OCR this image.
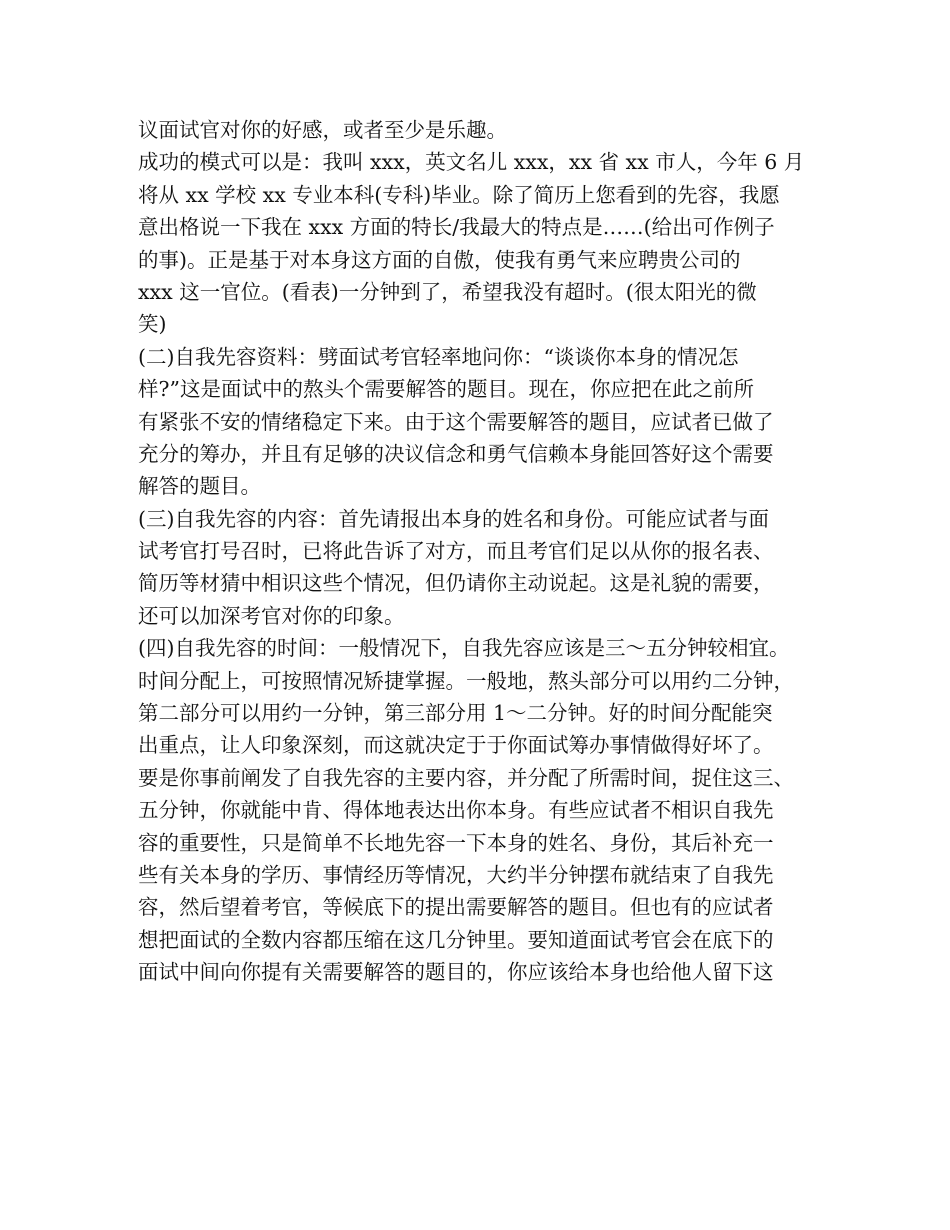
议面试官对你的好感，或者至少是乐趣。
成功的模式可以是：我叫 xxx，英文名儿 xxx，xx 省 xx 市人，今年 6 月
将从 xx 学校 xx 专业本科(专科)毕业。除了简历上您看到的先容，我愿
意出格说一下我在 xxx 方面的特长/我最大的特点是……(给出可作例子
的事)。正是基于对本身这方面的自傲，使我有勇气来应聘贵公司的
xxx 这一官位。(看表)一分钟到了，希望我没有超时。(很太阳光的微
笑)
(二)自我先容资料：劈面试考官轻率地问你：“谈谈你本身的情况怎
样?”这是面试中的熬头个需要解答的题目。现在，你应把在此之前所
有紧张不安的情绪稳定下来。由于这个需要解答的题目，应试者已做了
充分的筹办，并且有足够的决议信念和勇气信赖本身能回答好这个需要
解答的题目。
(三)自我先容的内容：首先请报出本身的姓名和身份。可能应试者与面
试考官打号召时，已将此告诉了对方，而且考官们足以从你的报名表、
简历等材猜中相识这些个情况，但仍请你主动说起。这是礼貌的需要，
还可以加深考官对你的印象。
(四)自我先容的时间：一般情况下，自我先容应该是三～五分钟较相宜。
时间分配上，可按照情况矫捷掌握。一般地，熬头部分可以用约二分钟，
第二部分可以用约一分钟，第三部分用 1～二分钟。好的时间分配能突
出重点，让人印象深刻，而这就决定于于你面试筹办事情做得好坏了。
要是你事前阐发了自我先容的主要内容，并分配了所需时间，捉住这三、
五分钟，你就能中肯、得体地表达出你本身。有些应试者不相识自我先
容的重要性，只是简单不长地先容一下本身的姓名、身份，其后补充一
些有关本身的学历、事情经历等情况，大约半分钟摆布就结束了自我先
容，然后望着考官，等候底下的提出需要解答的题目。但也有的应试者
想把面试的全数内容都压缩在这几分钟里。要知道面试考官会在底下的
面试中间向你提有关需要解答的题目的，你应该给本身也给他人留下这
